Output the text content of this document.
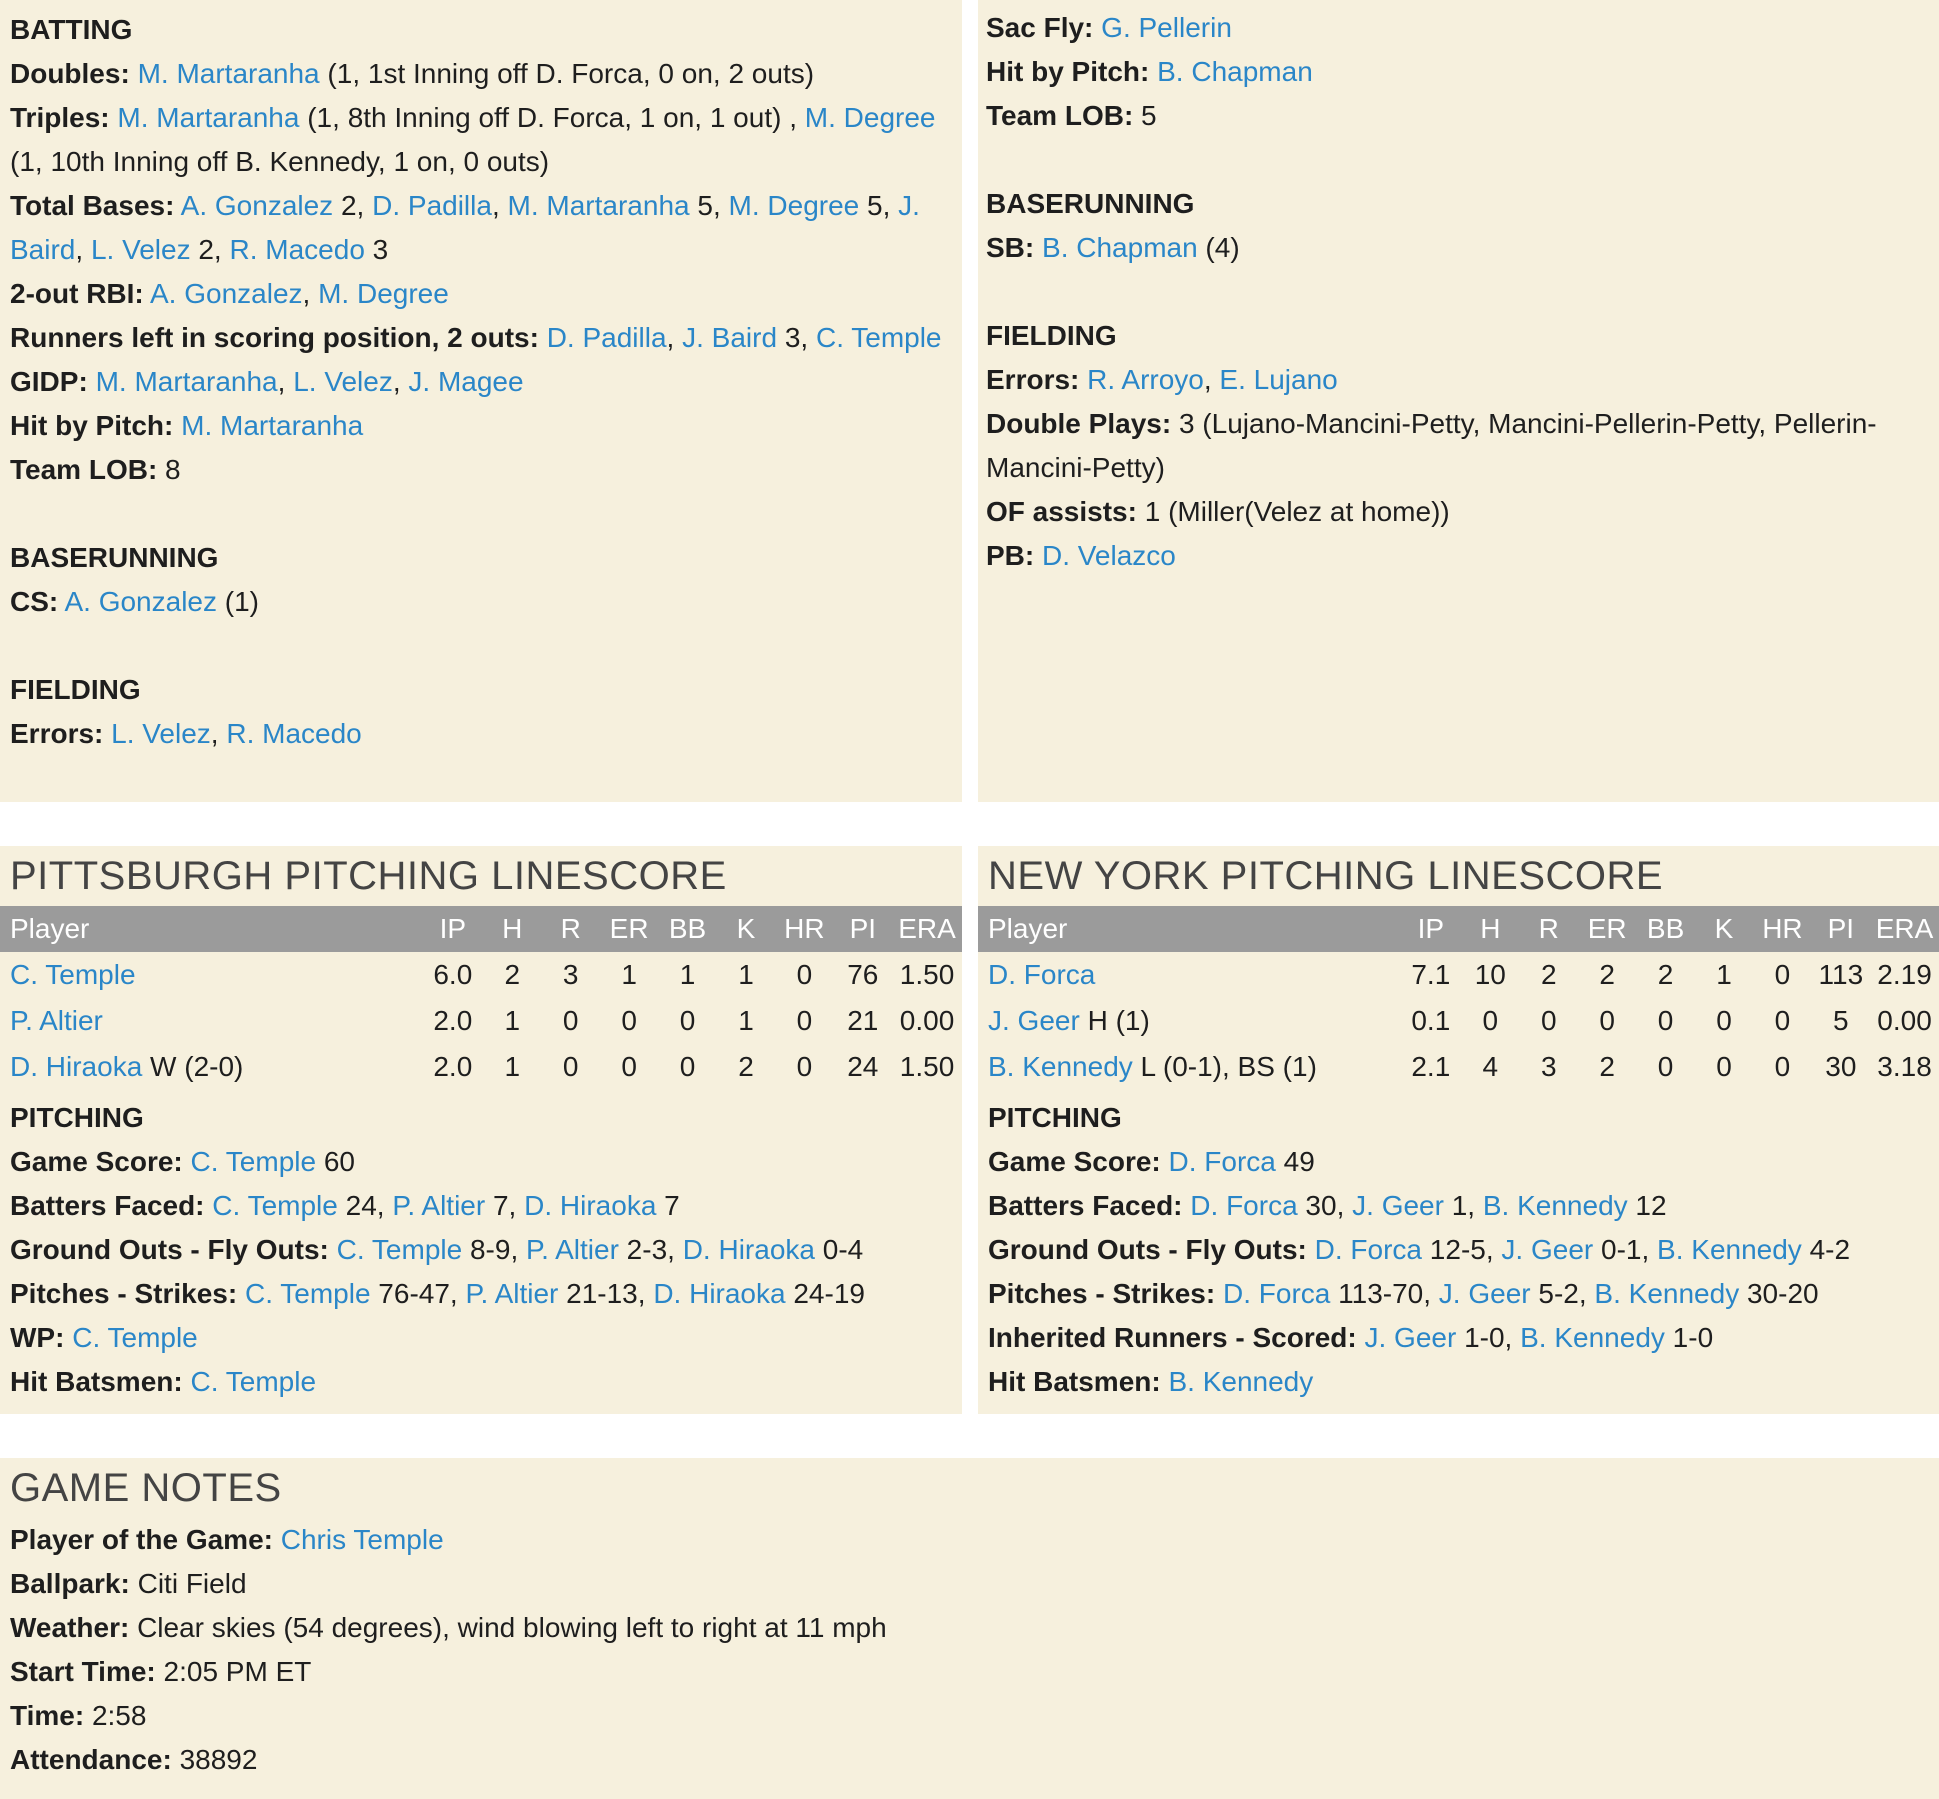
BATTING
Doubles: M. Martaranha (1, 1st Inning off D. Forca, 0 on, 2 outs)
Triples: M. Martaranha (1, 8th Inning off D. Forca, 1 on, 1 out) , M. Degree (1, 10th Inning off B. Kennedy, 1 on, 0 outs)
Total Bases: A. Gonzalez 2, D. Padilla, M. Martaranha 5, M. Degree 5, J. Baird, L. Velez 2, R. Macedo 3
2-out RBI: A. Gonzalez, M. Degree
Runners left in scoring position, 2 outs: D. Padilla, J. Baird 3, C. Temple
GIDP: M. Martaranha, L. Velez, J. Magee
Hit by Pitch: M. Martaranha
Team LOB: 8
BASERUNNING
CS: A. Gonzalez (1)
FIELDING
Errors: L. Velez, R. Macedo
Sac Fly: G. Pellerin
Hit by Pitch: B. Chapman
Team LOB: 5
BASERUNNING
SB: B. Chapman (4)
FIELDING
Errors: R. Arroyo, E. Lujano
Double Plays: 3 (Lujano-Mancini-Petty, Mancini-Pellerin-Petty, Pellerin-Mancini-Petty)
OF assists: 1 (Miller(Velez at home))
PB: D. Velazco
PITTSBURGH PITCHING LINESCORE
Player	IP	H	R	ER	BB	K	HR	PI	ERA
C. Temple	6.0	2	3	1	1	1	0	76	1.50
P. Altier	2.0	1	0	0	0	1	0	21	0.00
D. Hiraoka W (2-0)	2.0	1	0	0	0	2	0	24	1.50
PITCHING
Game Score: C. Temple 60
Batters Faced: C. Temple 24, P. Altier 7, D. Hiraoka 7
Ground Outs - Fly Outs: C. Temple 8-9, P. Altier 2-3, D. Hiraoka 0-4
Pitches - Strikes: C. Temple 76-47, P. Altier 21-13, D. Hiraoka 24-19
WP: C. Temple
Hit Batsmen: C. Temple
NEW YORK PITCHING LINESCORE
Player	IP	H	R	ER	BB	K	HR	PI	ERA
D. Forca	7.1	10	2	2	2	1	0	113	2.19
J. Geer H (1)	0.1	0	0	0	0	0	0	5	0.00
B. Kennedy L (0-1), BS (1)	2.1	4	3	2	0	0	0	30	3.18
PITCHING
Game Score: D. Forca 49
Batters Faced: D. Forca 30, J. Geer 1, B. Kennedy 12
Ground Outs - Fly Outs: D. Forca 12-5, J. Geer 0-1, B. Kennedy 4-2
Pitches - Strikes: D. Forca 113-70, J. Geer 5-2, B. Kennedy 30-20
Inherited Runners - Scored: J. Geer 1-0, B. Kennedy 1-0
Hit Batsmen: B. Kennedy
GAME NOTES
Player of the Game: Chris Temple
Ballpark: Citi Field
Weather: Clear skies (54 degrees), wind blowing left to right at 11 mph
Start Time: 2:05 PM ET
Time: 2:58
Attendance: 38892
